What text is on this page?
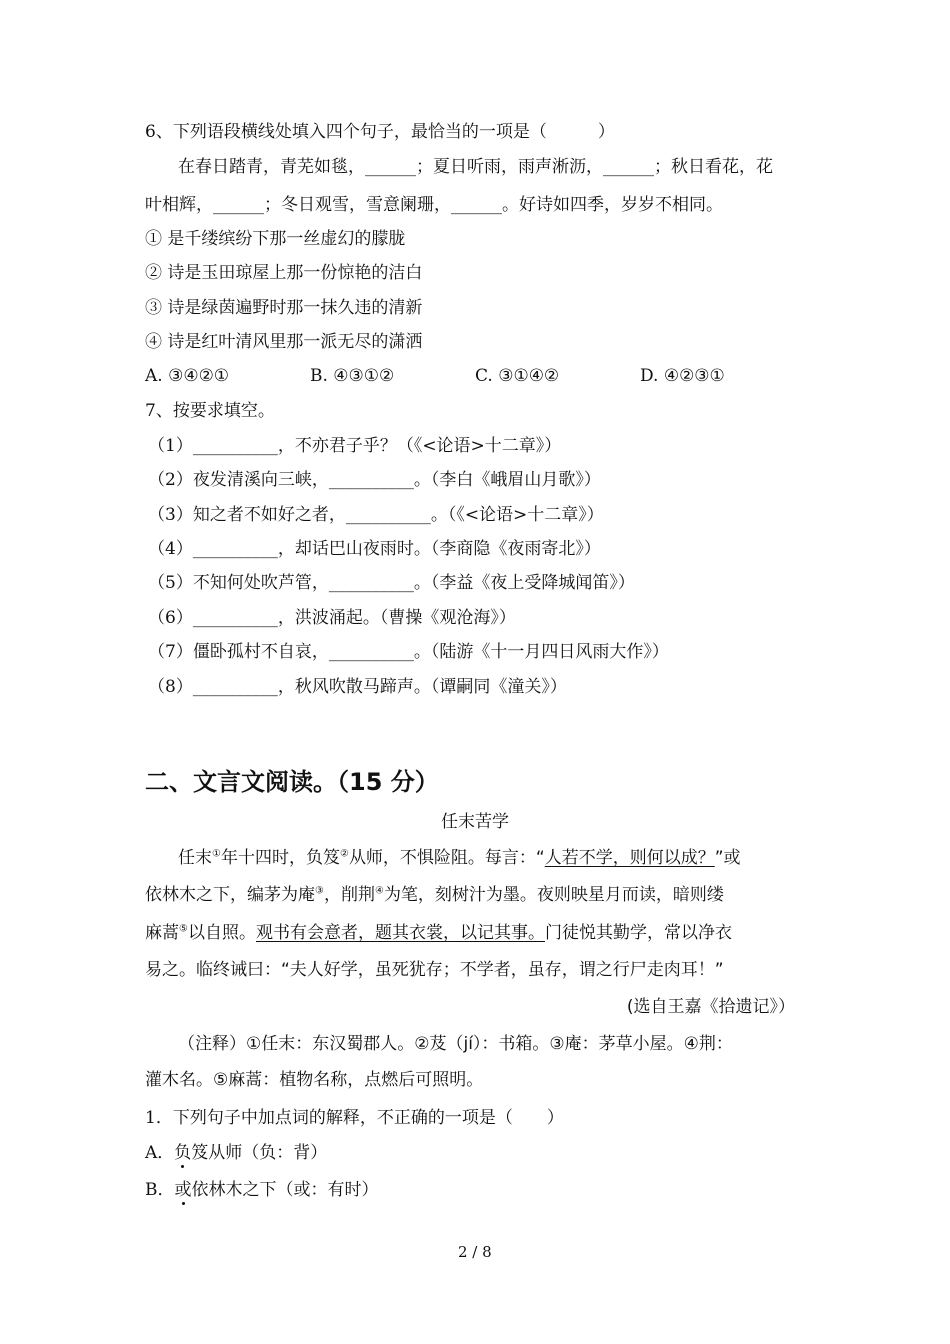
6、下列语段横线处填入四个句子，最恰当的一项是（　　　）
在春日踏青，青芜如毯，______；夏日听雨，雨声淅沥，______；秋日看花，花
叶相辉，______；冬日观雪，雪意阑珊，______。好诗如四季，岁岁不相同。
① 是千缕缤纷下那一丝虚幻的朦胧
② 诗是玉田琼屋上那一份惊艳的洁白
③ 诗是绿茵遍野时那一抹久违的清新
④ 诗是红叶清风里那一派无尽的潇洒
A. ③④②①	B. ④③①②	C. ③①④②	D. ④②③①
7、按要求填空。
（1）__________，不亦君子乎？（《<论语>十二章》）
（2）夜发清溪向三峡，__________。（李白《峨眉山月歌》）
（3）知之者不如好之者，__________。（《<论语>十二章》）
（4）__________，却话巴山夜雨时。（李商隐《夜雨寄北》）
（5）不知何处吹芦管，__________。（李益《夜上受降城闻笛》）
（6）__________，洪波涌起。（曹操《观沧海》）
（7）僵卧孤村不自哀，__________。（陆游《十一月四日风雨大作》）
（8）__________，秋风吹散马蹄声。（谭嗣同《潼关》）
二、文言文阅读。（15 分）
任末苦学
任末①年十四时，负笈②从师，不惧险阻。每言：“人若不学，则何以成？”或
依林木之下，编茅为庵③，削荆④为笔，刻树汁为墨。夜则映星月而读，暗则缕
麻蒿⑤以自照。观书有会意者，题其衣裳，以记其事。门徒悦其勤学，常以净衣
易之。临终诫曰：“夫人好学，虽死犹存；不学者，虽存，谓之行尸走肉耳！”
(选自王嘉《拾遗记》）
（注释）①任末：东汉蜀郡人。②芨（jí）：书箱。③庵：茅草小屋。④荆：
灌木名。⑤麻蒿：植物名称，点燃后可照明。
1．下列句子中加点词的解释，不正确的一项是（　　）
A．负笈从师（负：背）
B．或依林木之下（或：有时）
2 / 8
